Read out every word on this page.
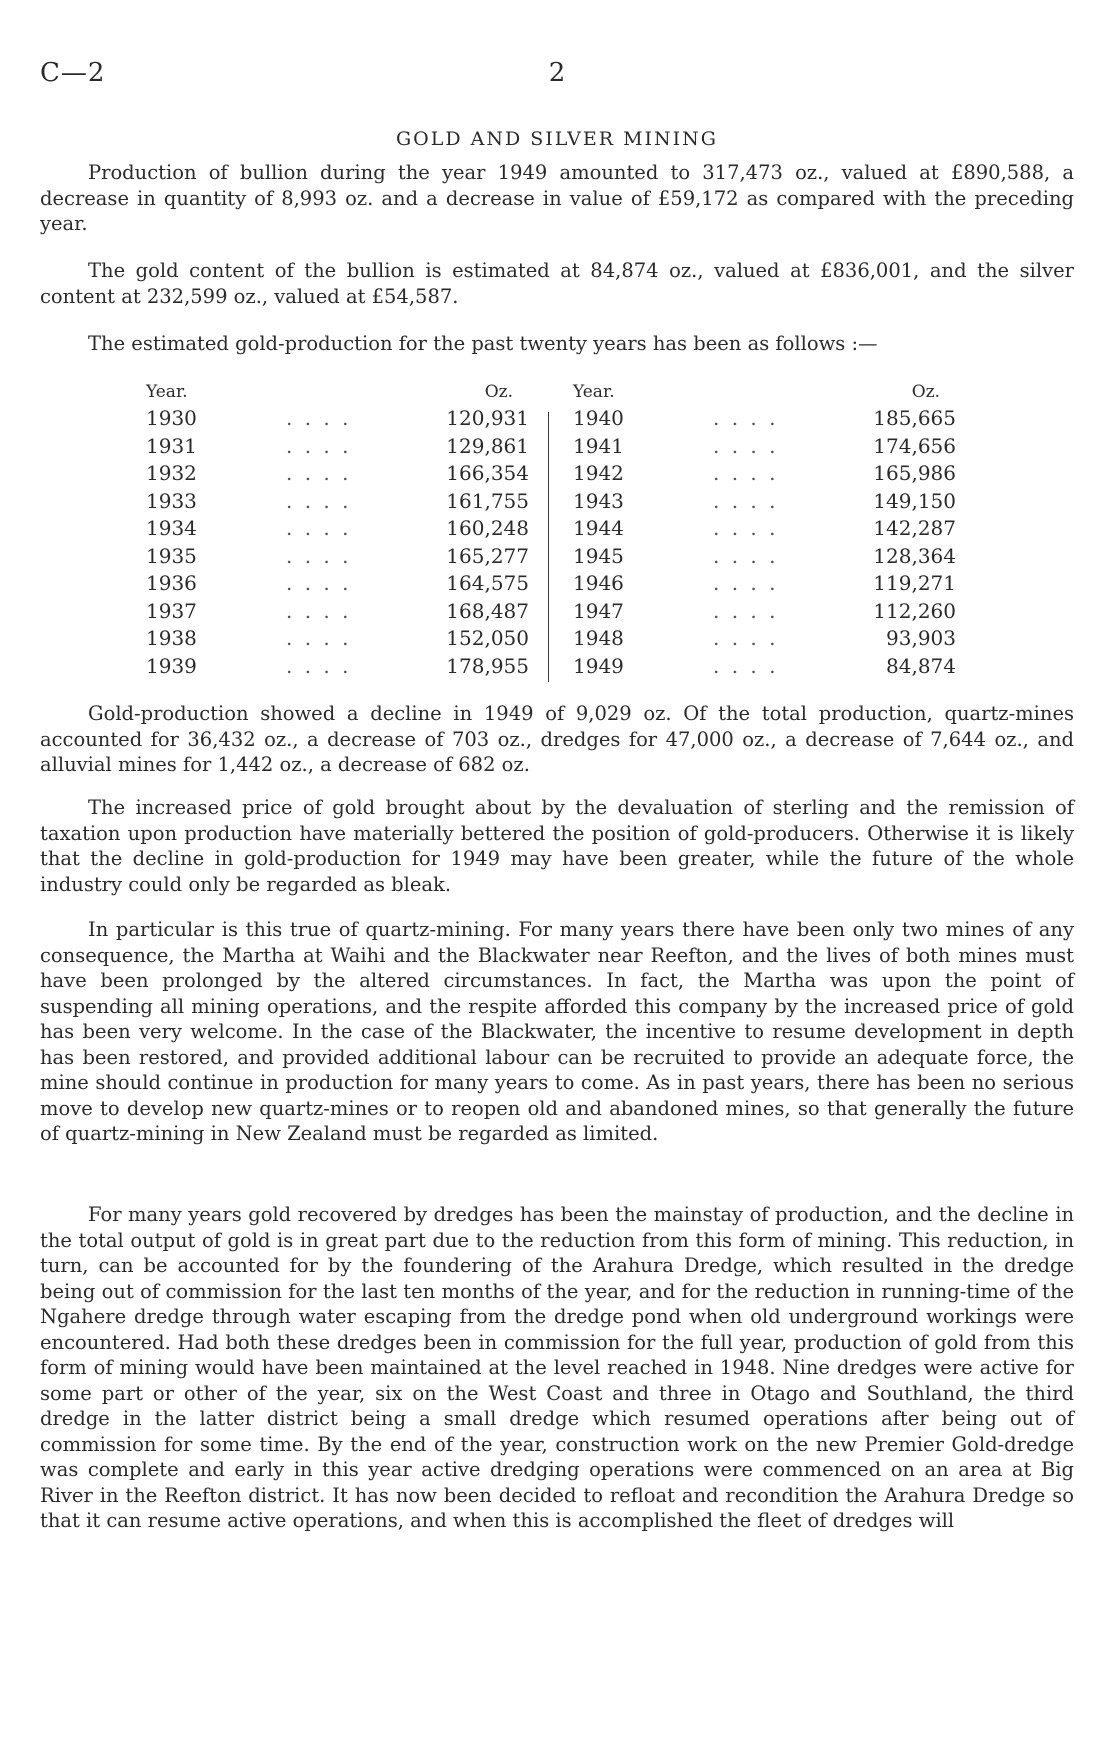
C—2	2
GOLD AND SILVER MINING

Production of bullion during the year 1949 amounted to 317,473 oz., valued at £890,588, a decrease in quantity of 8,993 oz. and a decrease in value of £59,172 as compared with the preceding year.

The gold content of the bullion is estimated at 84,874 oz., valued at £836,001, and the silver content at 232,599 oz., valued at £54,587.

The estimated gold-production for the past twenty years has been as follows :—

Year.	Oz.
1930	. . . .	120,931
1931	. . . .	129,861
1932	. . . .	166,354
1933	. . . .	161,755
1934	. . . .	160,248
1935	. . . .	165,277
1936	. . . .	164,575
1937	. . . .	168,487
1938	. . . .	152,050
1939	. . . .	178,955
Year.	Oz.
1940	. . . .	185,665
1941	. . . .	174,656
1942	. . . .	165,986
1943	. . . .	149,150
1944	. . . .	142,287
1945	. . . .	128,364
1946	. . . .	119,271
1947	. . . .	112,260
1948	. . . .	93,903
1949	. . . .	84,874

Gold-production showed a decline in 1949 of 9,029 oz. Of the total production, quartz-mines accounted for 36,432 oz., a decrease of 703 oz., dredges for 47,000 oz., a decrease of 7,644 oz., and alluvial mines for 1,442 oz., a decrease of 682 oz.

The increased price of gold brought about by the devaluation of sterling and the remission of taxation upon production have materially bettered the position of gold-producers. Otherwise it is likely that the decline in gold-production for 1949 may have been greater, while the future of the whole industry could only be regarded as bleak.

In particular is this true of quartz-mining. For many years there have been only two mines of any consequence, the Martha at Waihi and the Blackwater near Reefton, and the lives of both mines must have been prolonged by the altered circumstances. In fact, the Martha was upon the point of suspending all mining operations, and the respite afforded this company by the increased price of gold has been very welcome. In the case of the Blackwater, the incentive to resume development in depth has been restored, and provided additional labour can be recruited to provide an adequate force, the mine should continue in production for many years to come. As in past years, there has been no serious move to develop new quartz-mines or to reopen old and abandoned mines, so that generally the future of quartz-mining in New Zealand must be regarded as limited.

For many years gold recovered by dredges has been the mainstay of production, and the decline in the total output of gold is in great part due to the reduction from this form of mining. This reduction, in turn, can be accounted for by the foundering of the Arahura Dredge, which resulted in the dredge being out of commission for the last ten months of the year, and for the reduction in running-time of the Ngahere dredge through water escaping from the dredge pond when old underground workings were encountered. Had both these dredges been in commission for the full year, production of gold from this form of mining would have been maintained at the level reached in 1948. Nine dredges were active for some part or other of the year, six on the West Coast and three in Otago and Southland, the third dredge in the latter district being a small dredge which resumed operations after being out of commission for some time. By the end of the year, construction work on the new Premier Gold-dredge was complete and early in this year active dredging operations were commenced on an area at Big River in the Reefton district. It has now been decided to refloat and recondition the Arahura Dredge so that it can resume active operations, and when this is accomplished the fleet of dredges will
